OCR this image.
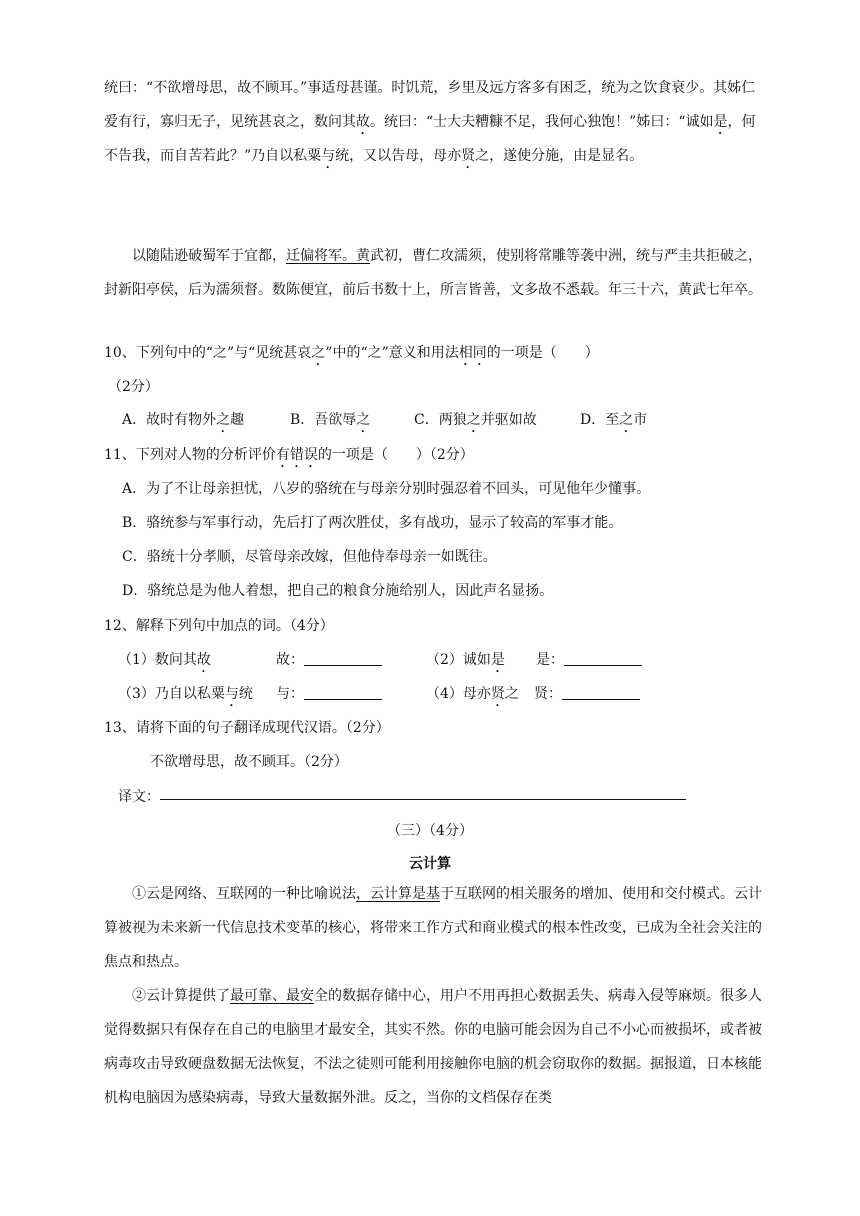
统曰：“不欲增母思，故不顾耳。”事适母甚谨。时饥荒，乡里及远方客多有困乏，统为之饮食衰少。其姊仁爱有行，寡归无子，见统甚哀之，数问其故。统曰：“士大夫糟糠不足，我何心独饱！”姊曰：“诚如是，何不告我，而自苦若此？”乃自以私粟与统，又以告母，母亦贤之，遂使分施，由是显名。

以随陆逊破蜀军于宜都，迁偏将军。黄武初，曹仁攻濡须，使别将常雕等袭中洲，统与严圭共拒破之，封新阳亭侯，后为濡须督。数陈便宜，前后书数十上，所言皆善，文多故不悉载。年三十六，黄武七年卒。

10、下列句中的“之”与“见统甚哀之”中的“之”意义和用法相同的一项是（　　）
（2分）
A．故时有物外之趣	B．吾欲辱之	C．两狼之并驱如故	D．至之市
11、下列对人物的分析评价有错误的一项是（　　）（2分）
A．为了不让母亲担忧，八岁的骆统在与母亲分别时强忍着不回头，可见他年少懂事。
B．骆统参与军事行动，先后打了两次胜仗，多有战功，显示了较高的军事才能。
C．骆统十分孝顺，尽管母亲改嫁，但他侍奉母亲一如既往。
D．骆统总是为他人着想，把自己的粮食分施给别人，因此声名显扬。
12、解释下列句中加点的词。（4分）
（1）数问其故	故：	（2）诚如是 是：
（3）乃自以私粟与统 与：	（4）母亦贤之 贤：
13、请将下面的句子翻译成现代汉语。（2分）
不欲增母思，故不顾耳。（2分）
译文：
（三）（4分）
云计算

①云是网络、互联网的一种比喻说法，云计算是基于互联网的相关服务的增加、使用和交付模式。云计算被视为未来新一代信息技术变革的核心，将带来工作方式和商业模式的根本性改变，已成为全社会关注的焦点和热点。

②云计算提供了最可靠、最安全的数据存储中心，用户不用再担心数据丢失、病毒入侵等麻烦。很多人觉得数据只有保存在自己的电脑里才最安全，其实不然。你的电脑可能会因为自己不小心而被损坏，或者被病毒攻击导致硬盘数据无法恢复，不法之徒则可能利用接触你电脑的机会窃取你的数据。据报道，日本核能机构电脑因为感染病毒，导致大量数据外泄。反之，当你的文档保存在类
